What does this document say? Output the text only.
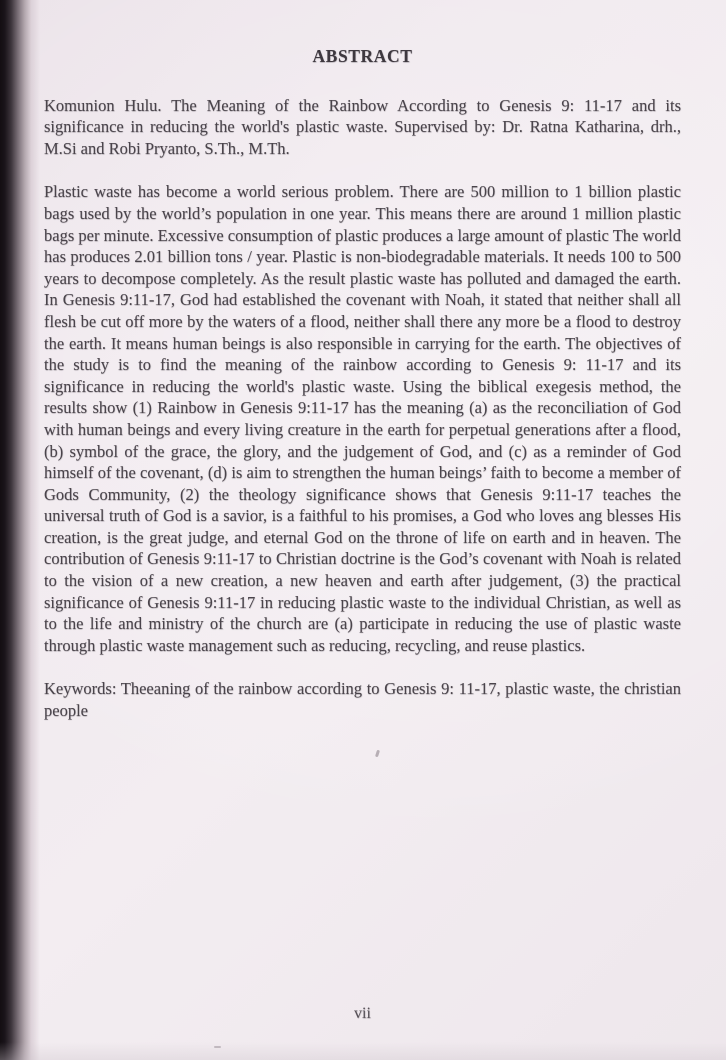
ABSTRACT

Komunion Hulu. The Meaning of the Rainbow According to Genesis 9: 11-17 and its significance in reducing the world's plastic waste. Supervised by: Dr. Ratna Katharina, drh., M.Si and Robi Pryanto, S.Th., M.Th.

Plastic waste has become a world serious problem. There are 500 million to 1 billion plastic bags used by the world’s population in one year. This means there are around 1 million plastic bags per minute. Excessive consumption of plastic produces a large amount of plastic The world has produces 2.01 billion tons / year. Plastic is non-biodegradable materials. It needs 100 to 500 years to decompose completely. As the result plastic waste has polluted and damaged the earth. In Genesis 9:11-17, God had established the covenant with Noah, it stated that neither shall all flesh be cut off more by the waters of a flood, neither shall there any more be a flood to destroy the earth. It means human beings is also responsible in carrying for the earth. The objectives of the study is to find the meaning of the rainbow according to Genesis 9: 11-17 and its significance in reducing the world's plastic waste. Using the biblical exegesis method, the results show (1) Rainbow in Genesis 9:11-17 has the meaning (a) as the reconciliation of God with human beings and every living creature in the earth for perpetual generations after a flood, (b) symbol of the grace, the glory, and the judgement of God, and (c) as a reminder of God himself of the covenant, (d) is aim to strengthen the human beings’ faith to become a member of Gods Community, (2) the theology significance shows that Genesis 9:11-17 teaches the universal truth of God is a savior, is a faithful to his promises, a God who loves ang blesses His creation, is the great judge, and eternal God on the throne of life on earth and in heaven. The contribution of Genesis 9:11-17 to Christian doctrine is the God’s covenant with Noah is related to the vision of a new creation, a new heaven and earth after judgement, (3) the practical significance of Genesis 9:11-17 in reducing plastic waste to the individual Christian, as well as to the life and ministry of the church are (a) participate in reducing the use of plastic waste through plastic waste management such as reducing, recycling, and reuse plastics.

Keywords: Theeaning of the rainbow according to Genesis 9: 11-17, plastic waste, the christian people

vii
